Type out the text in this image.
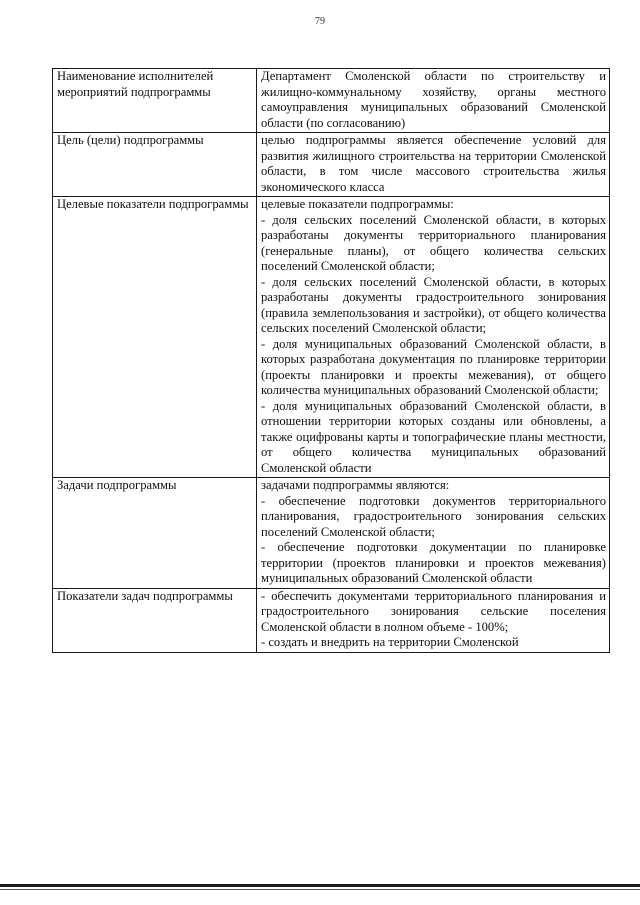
79
Наименование исполнителей мероприятий подпрограммы	Департамент Смоленской области по строительству и жилищно-коммунальному хозяйству, органы местного самоуправления муниципальных образований Смоленской области (по согласованию)

Цель (цели) подпрограммы	целью подпрограммы является обеспечение условий для развития жилищного строительства на территории Смоленской области, в том числе массового строительства жилья экономического класса

Целевые показатели подпрограммы	целевые показатели подпрограммы:
- доля сельских поселений Смоленской области, в которых разработаны документы территориального планирования (генеральные планы), от общего количества сельских поселений Смоленской области;
- доля сельских поселений Смоленской области, в которых разработаны документы градостроительного зонирования (правила землепользования и застройки), от общего количества сельских поселений Смоленской области;
- доля муниципальных образований Смоленской области, в которых разработана документация по планировке территории (проекты планировки и проекты межевания), от общего количества муниципальных образований Смоленской области;
- доля муниципальных образований Смоленской области, в отношении территории которых созданы или обновлены, а также оцифрованы карты и топографические планы местности, от общего количества муниципальных образований Смоленской области

Задачи подпрограммы	задачами подпрограммы являются:
- обеспечение подготовки документов территориального планирования, градостроительного зонирования сельских поселений Смоленской области;
- обеспечение подготовки документации по планировке территории (проектов планировки и проектов межевания) муниципальных образований Смоленской области

Показатели задач подпрограммы	- обеспечить документами территориального планирования и градостроительного зонирования сельские поселения Смоленской области в полном объеме - 100%;
- создать и внедрить на территории Смоленской
